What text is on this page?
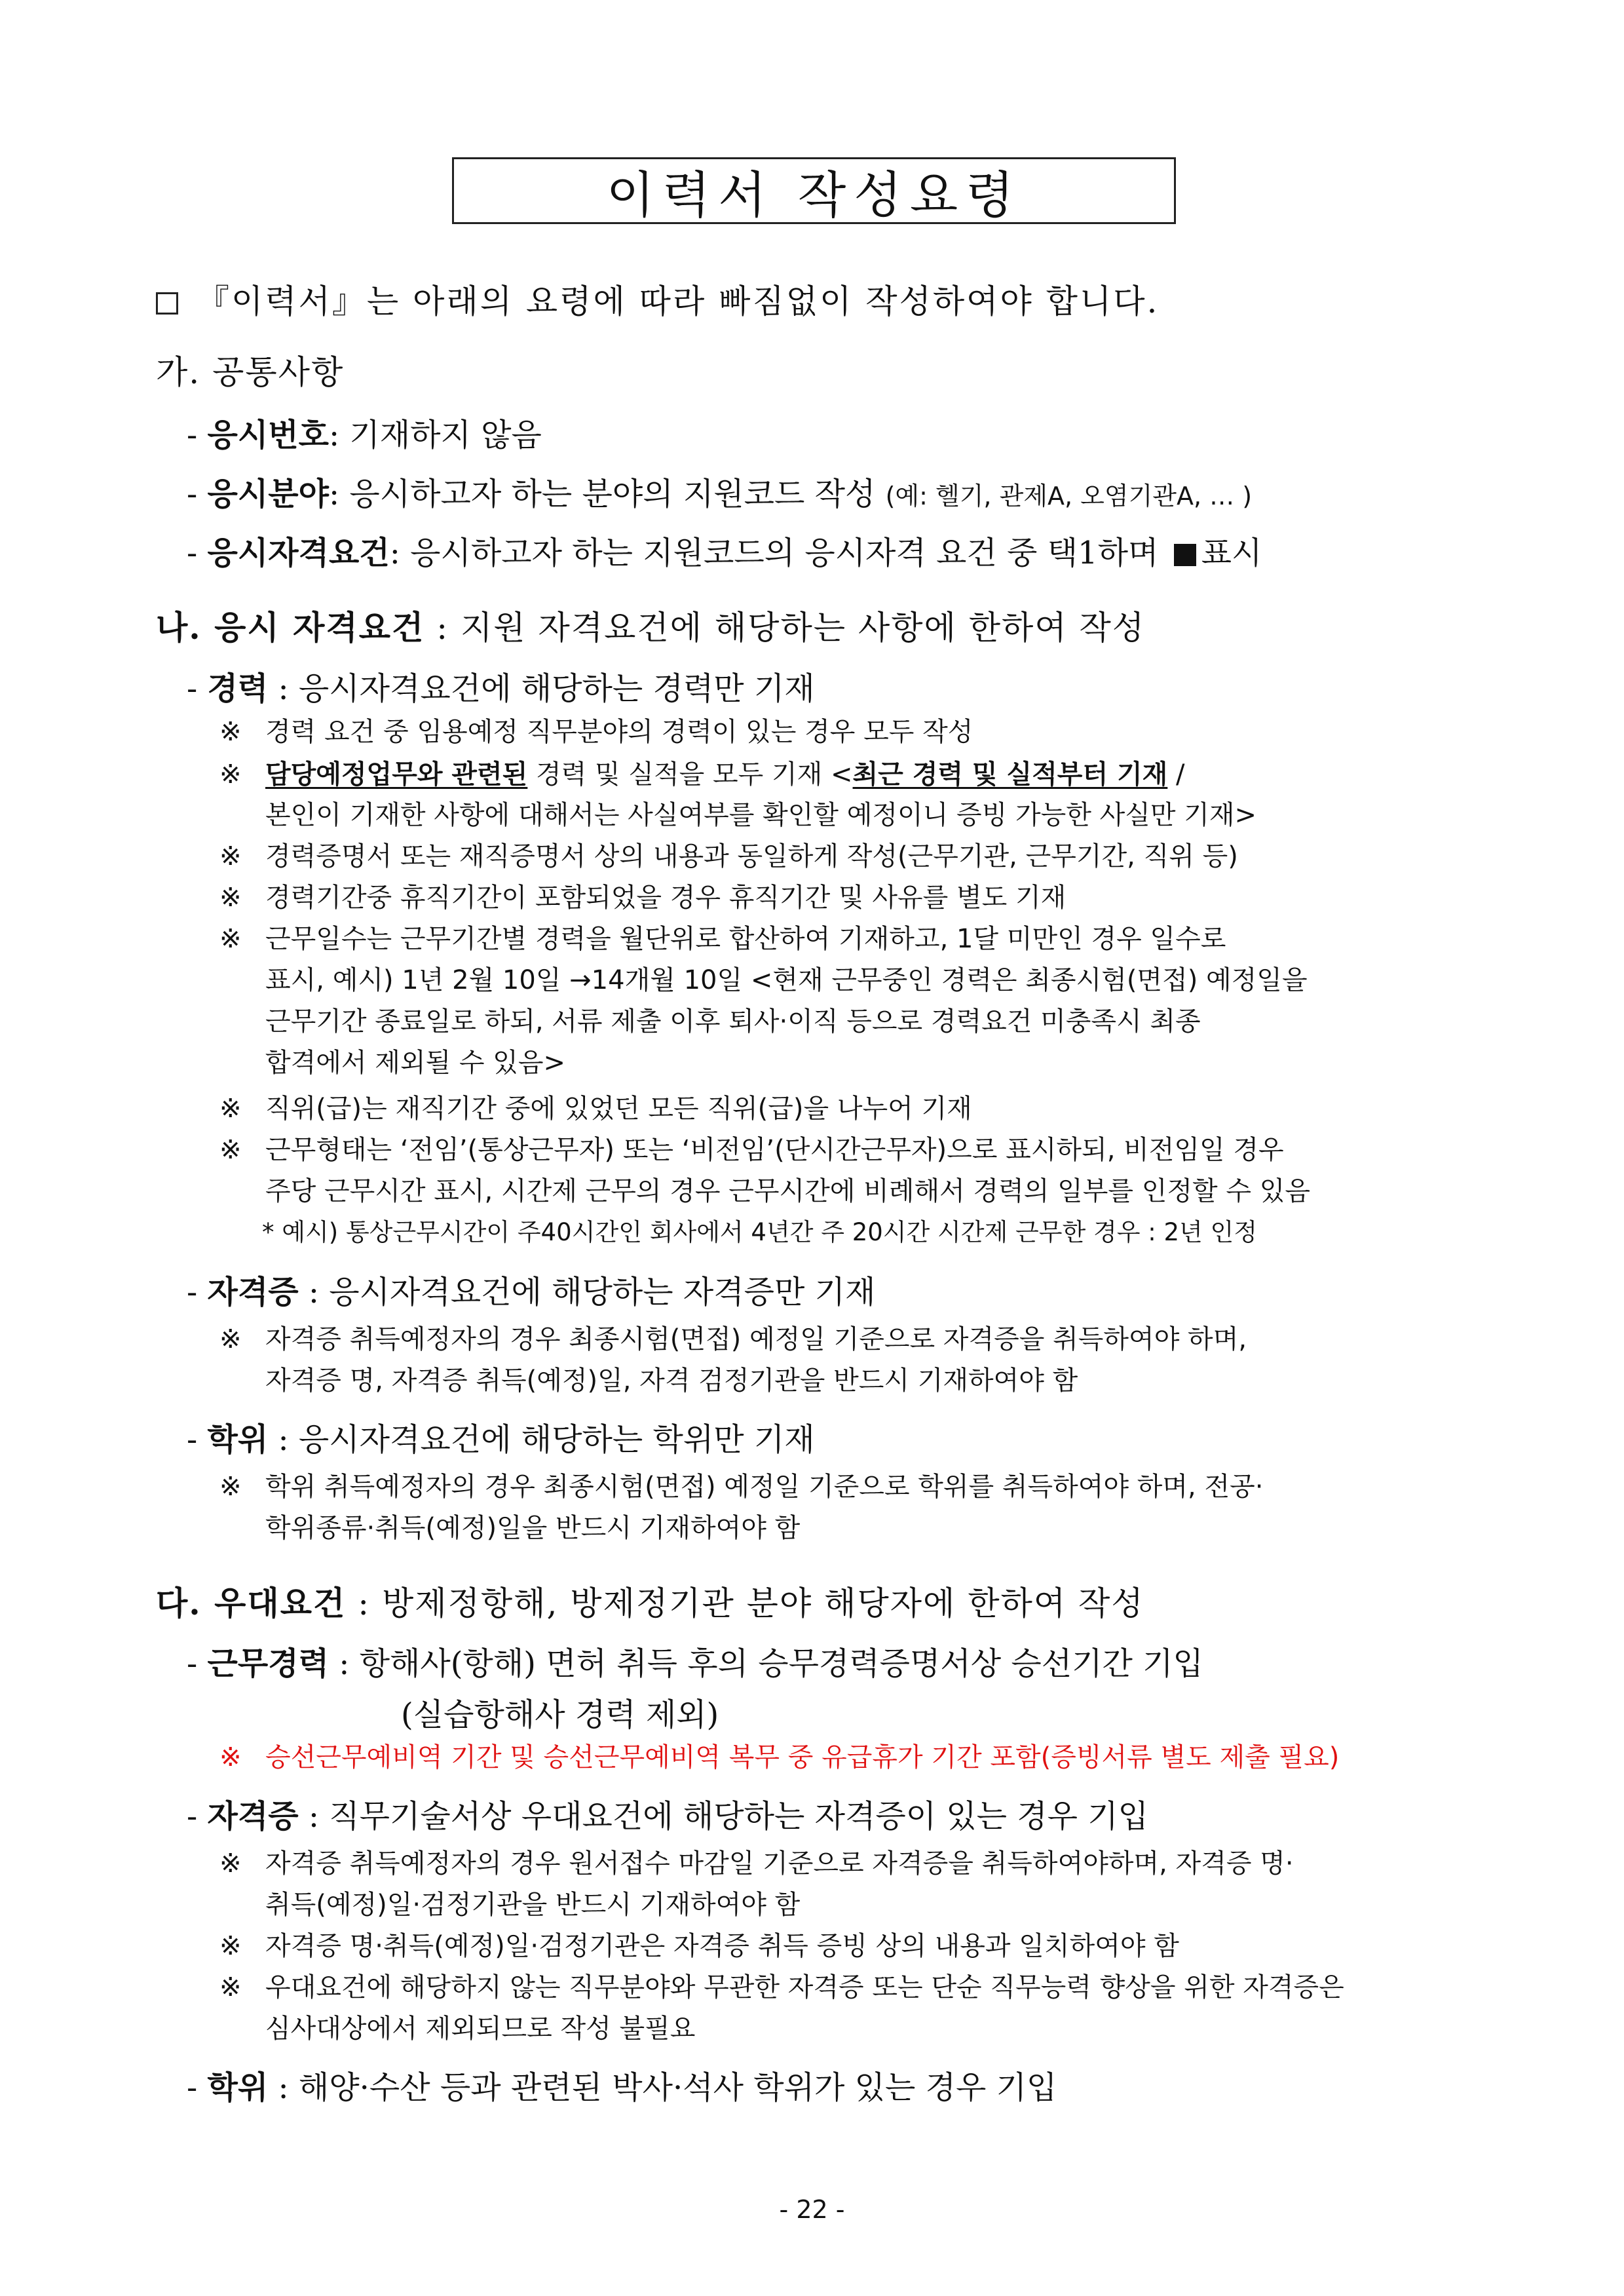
이력서 작성요령
『이력서』는 아래의 요령에 따라 빠짐없이 작성하여야 합니다.
가. 공통사항
- 응시번호: 기재하지 않음
- 응시분야: 응시하고자 하는 분야의 지원코드 작성 (예: 헬기, 관제A, 오염기관A, … )
- 응시자격요건: 응시하고자 하는 지원코드의 응시자격 요건 중 택1하며 표시
나. 응시 자격요건 : 지원 자격요건에 해당하는 사항에 한하여 작성
- 경력 : 응시자격요건에 해당하는 경력만 기재
※ 경력 요건 중 임용예정 직무분야의 경력이 있는 경우 모두 작성
※ 담당예정업무와 관련된 경력 및 실적을 모두 기재 <최근 경력 및 실적부터 기재 /
본인이 기재한 사항에 대해서는 사실여부를 확인할 예정이니 증빙 가능한 사실만 기재>
※ 경력증명서 또는 재직증명서 상의 내용과 동일하게 작성(근무기관, 근무기간, 직위 등)
※ 경력기간중 휴직기간이 포함되었을 경우 휴직기간 및 사유를 별도 기재
※ 근무일수는 근무기간별 경력을 월단위로 합산하여 기재하고, 1달 미만인 경우 일수로
표시, 예시) 1년 2월 10일 →14개월 10일 <현재 근무중인 경력은 최종시험(면접) 예정일을
근무기간 종료일로 하되, 서류 제출 이후 퇴사·이직 등으로 경력요건 미충족시 최종
합격에서 제외될 수 있음>
※ 직위(급)는 재직기간 중에 있었던 모든 직위(급)을 나누어 기재
※ 근무형태는 ‘전임’(통상근무자) 또는 ‘비전임’(단시간근무자)으로 표시하되, 비전임일 경우
주당 근무시간 표시, 시간제 근무의 경우 근무시간에 비례해서 경력의 일부를 인정할 수 있음
* 예시) 통상근무시간이 주40시간인 회사에서 4년간 주 20시간 시간제 근무한 경우 : 2년 인정
- 자격증 : 응시자격요건에 해당하는 자격증만 기재
※ 자격증 취득예정자의 경우 최종시험(면접) 예정일 기준으로 자격증을 취득하여야 하며,
자격증 명, 자격증 취득(예정)일, 자격 검정기관을 반드시 기재하여야 함
- 학위 : 응시자격요건에 해당하는 학위만 기재
※ 학위 취득예정자의 경우 최종시험(면접) 예정일 기준으로 학위를 취득하여야 하며, 전공·
학위종류·취득(예정)일을 반드시 기재하여야 함
다. 우대요건 : 방제정항해, 방제정기관 분야 해당자에 한하여 작성
- 근무경력 : 항해사(항해) 면허 취득 후의 승무경력증명서상 승선기간 기입
(실습항해사 경력 제외)
※ 승선근무예비역 기간 및 승선근무예비역 복무 중 유급휴가 기간 포함(증빙서류 별도 제출 필요)
- 자격증 : 직무기술서상 우대요건에 해당하는 자격증이 있는 경우 기입
※ 자격증 취득예정자의 경우 원서접수 마감일 기준으로 자격증을 취득하여야하며, 자격증 명·
취득(예정)일·검정기관을 반드시 기재하여야 함
※ 자격증 명·취득(예정)일·검정기관은 자격증 취득 증빙 상의 내용과 일치하여야 함
※ 우대요건에 해당하지 않는 직무분야와 무관한 자격증 또는 단순 직무능력 향상을 위한 자격증은
심사대상에서 제외되므로 작성 불필요
- 학위 : 해양·수산 등과 관련된 박사·석사 학위가 있는 경우 기입
- 22 -
